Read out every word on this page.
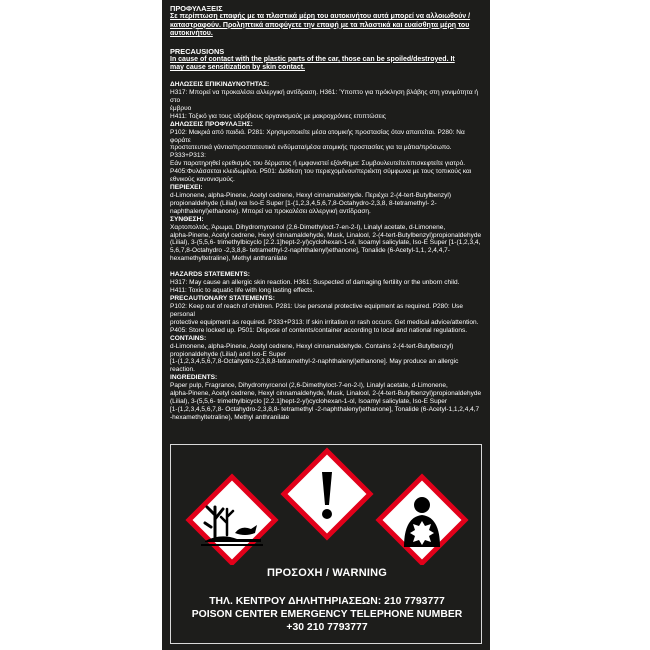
ΠΡΟΦΥΛΑΞΕΙΣ
Σε περίπτωση επαφής με τα πλαστικά μέρη του αυτοκινήτου αυτά μπορεί να αλλοιωθούν /
καταστραφούν. Προληπτικά αποφύγετε την επαφή με τα πλαστικά και ευαίσθητα μέρη του
αυτοκινήτου.
PRECAUSIONS
In cause of contact with the plastic parts of the car, those can be spoiled/destroyed. It
may cause sensitization by skin contact.
ΔΗΛΩΣΕΙΣ ΕΠΙΚΙΝΔΥΝΟΤΗΤΑΣ:
H317: Μπορεί να προκαλέσει αλλεργική αντίδραση. H361: Ύποπτο για πρόκληση βλάβης στη γονιμότητα ή στο
έμβρυο
H411: Τοξικό για τους υδρόβιους οργανισμούς με μακροχρόνιες επιπτώσεις
ΔΗΛΩΣΕΙΣ ΠΡΟΦΥΛΑΞΗΣ:
P102: Μακριά από παιδιά. P281: Χρησιμοποιείτε μέσα ατομικής προστασίας όταν απαιτείται. P280: Να φοράτε
προστατευτικά γάντια/προστατευτικά ενδύματα/μέσα ατομικής προστασίας για τα μάτια/πρόσωπο. P333+P313:
Εάν παρατηρηθεί ερεθισμός του δέρματος ή εμφανιστεί εξάνθημα: Συμβουλευτείτε/επισκεφτείτε γιατρό.
P405:Φυλάσσεται κλειδωμένο. P501: Διάθεση του περιεχομένου/περιέκτη σύμφωνα με τους τοπικούς και
εθνικούς κανονισμούς.
ΠΕΡΙΕΧΕΙ:
d-Limonene, alpha-Pinene, Acetyl cedrene, Hexyl cinnamaldehyde. Περιέχει 2-(4-tert-Butylbenzyl)
propionaldehyde (Lilial) και Iso-E Super [1-(1,2,3,4,5,6,7,8-Octahydro-2,3,8, 8-tetramethyl- 2-
naphthalenyl)ethanone). Μπορεί να προκαλέσει αλλεργική αντίδραση.
ΣΥΝΘΕΣΗ:
Χαρτοπολτός, Άρωμα, Dihydromyrcenol (2,6-Dimethyloct-7-en-2-l), Linalyl acetate, d-Limonene,
alpha-Pinene, Acetyl cedrene, Hexyl cinnamaldehyde, Musk, Linalool, 2-(4-tert-Butylbenzyl)propionaldehyde
(Lilial), 3-(5,5,6- trimethylbicyclo [2.2.1]hept-2-yl)cyclohexan-1-ol, Isoamyl salicylate, Iso-E Super [1-(1,2,3,4,
5,6,7,8-Octahydro -2,3,8,8- tetramethyl-2-naphthalenyl)ethanone], Tonalide (6-Acetyl-1,1, 2,4,4,7-
hexamethyltetraline), Methyl anthranilate
HAZARDS STATEMENTS:
H317: May cause an allergic skin reaction. H361: Suspected of damaging fertility or the unborn child.
H411: Toxic to aquatic life with long lasting effects.
PRECAUTIONARY STATEMENTS:
P102: Keep out of reach of children. P281: Use personal protective equipment as required. P280: Use personal
protective equipment as required. P333+P313: If skin irritation or rash occurs: Get medical advice/attention.
P405: Store locked up. P501: Dispose of contents/container according to local and national regulations.
CONTAINS:
d-Limonene, alpha-Pinene, Acetyl cedrene, Hexyl cinnamaldehyde. Contains 2-(4-tert-Butylbenzyl)
propionaldehyde (Lilial) and Iso-E Super
[1-(1,2,3,4,5,6,7,8-Octahydro-2,3,8,8-tetramethyl-2-naphthalenyl)ethanone]. May produce an allergic
reaction.
INGREDIENTS:
Paper pulp, Fragrance, Dihydromyrcenol (2,6-Dimethyloct-7-en-2-l), Linalyl acetate, d-Limonene,
alpha-Pinene, Acetyl cedrene, Hexyl cinnamaldehyde, Musk, Linalool, 2-(4-tert-Butylbenzyl)propionaldehyde
(Lilial), 3-(5,5,6- trimethylbicyclo [2.2.1]hept-2-yl)cyclohexan-1-ol, Isoamyl salicylate, Iso-E Super
[1-(1,2,3,4,5,6,7,8- Octahydro-2,3,8,8- tetramethyl -2-naphthalenyl)ethanone], Tonalide (6-Acetyl-1,1,2,4,4,7
-hexamethyltetraline), Methyl anthranilate
ΠΡΟΣΟΧΗ / WARNING
ΤΗΛ. ΚΕΝΤΡΟΥ ΔΗΛΗΤΗΡΙΑΣΕΩΝ: 210 7793777
POISON CENTER EMERGENCY TELEPHONE NUMBER
+30 210 7793777
